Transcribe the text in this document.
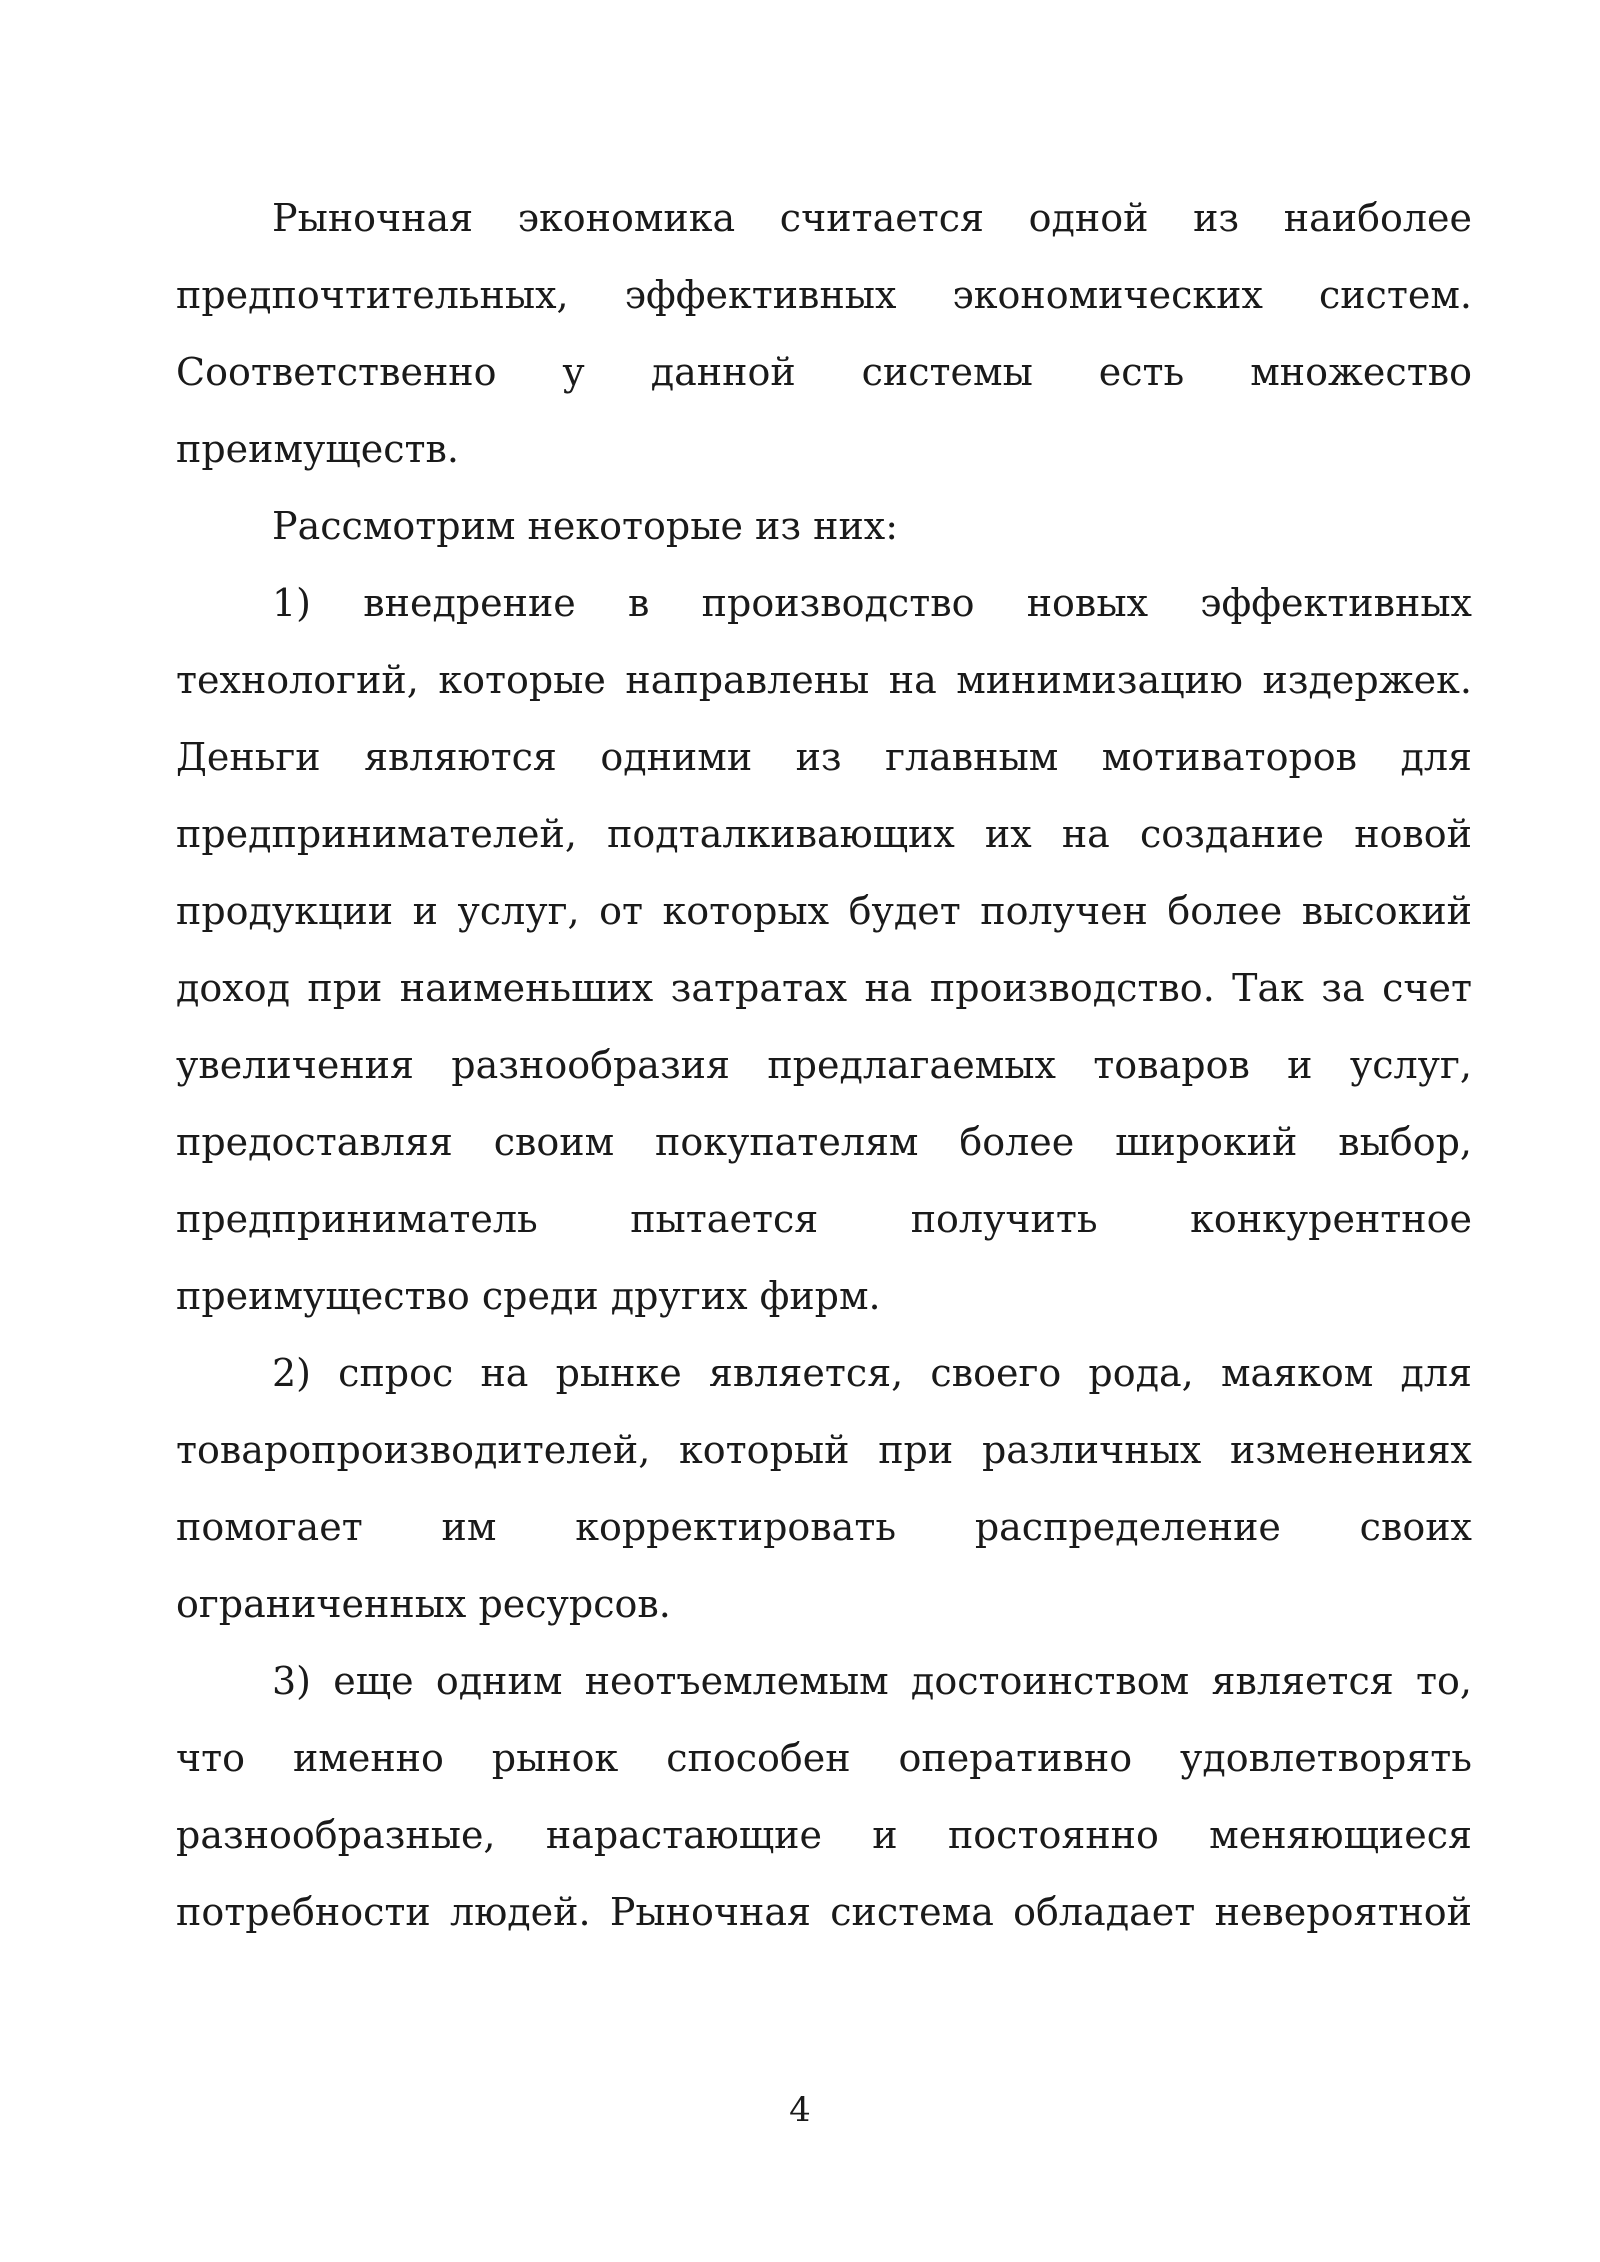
Рыночная экономика считается одной из наиболее предпочтительных, эффективных экономических систем. Соответственно у данной системы есть множество преимуществ.

Рассмотрим некоторые из них:

1) внедрение в производство новых эффективных технологий, которые направлены на минимизацию издержек. Деньги являются одними из главным мотиваторов для предпринимателей, подталкивающих их на создание новой продукции и услуг, от которых будет получен более высокий доход при наименьших затратах на производство. Так за счет увеличения разнообразия предлагаемых товаров и услуг, предоставляя своим покупателям более широкий выбор, предприниматель пытается получить конкурентное преимущество среди других фирм.

2) спрос на рынке является, своего рода, маяком для товаропроизводителей, который при различных изменениях помогает им корректировать распределение своих ограниченных ресурсов.

3) еще одним неотъемлемым достоинством является то, что именно рынок способен оперативно удовлетворять разнообразные, нарастающие и постоянно меняющиеся потребности людей. Рыночная система обладает невероятной

4
